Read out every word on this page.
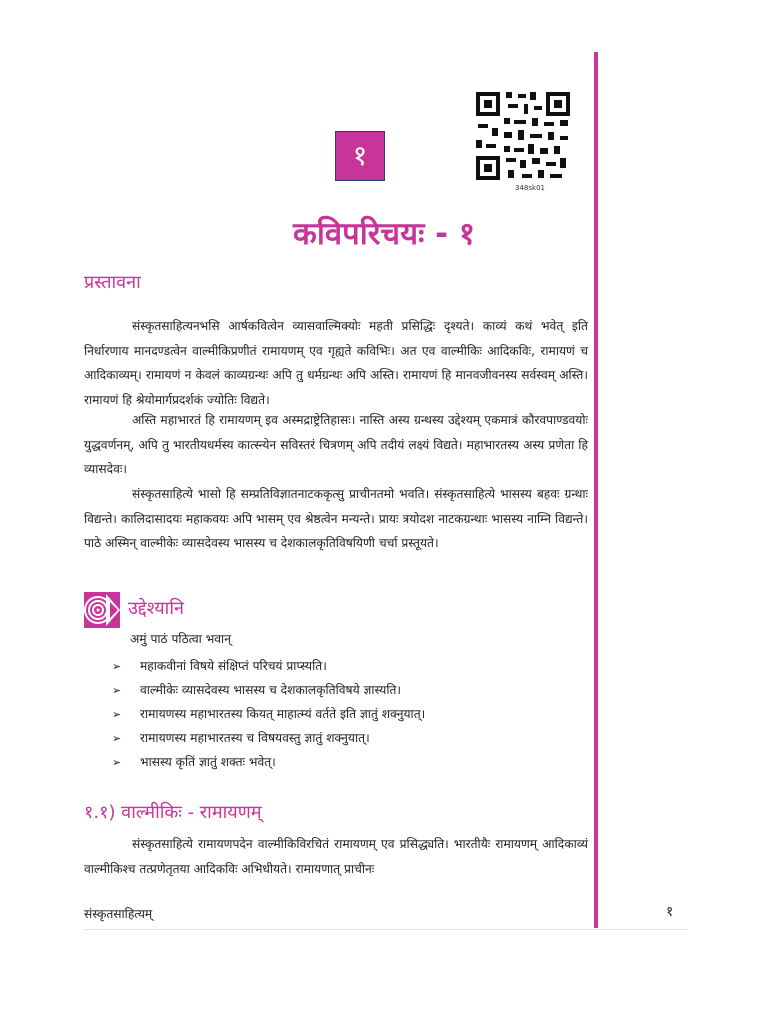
१
348sk01
कविपरिचयः - १
प्रस्तावना

संस्कृतसाहित्यनभसि आर्षकवित्वेन व्यासवाल्मिक्योः महती प्रसिद्धिः दृश्यते। काव्यं कथं भवेत् इति निर्धारणाय मानदण्डत्वेन वाल्मीकिप्रणीतं रामायणम् एव गृह्यते कविभिः। अत एव वाल्मीकिः आदिकविः, रामायणं च आदिकाव्यम्। रामायणं न केवलं काव्यग्रन्थः अपि तु धर्मग्रन्थः अपि अस्ति। रामायणं हि मानवजीवनस्य सर्वस्वम् अस्ति। रामायणं हि श्रेयोमार्गप्रदर्शकं ज्योतिः विद्यते।

अस्ति महाभारतं हि रामायणम् इव अस्मद्राष्ट्रेतिहासः। नास्ति अस्य ग्रन्थस्य उद्देश्यम् एकमात्रं कौरवपाण्डवयोः युद्धवर्णनम्, अपि तु भारतीयधर्मस्य कात्स्न्येन सविस्तरं चित्रणम् अपि तदीयं लक्ष्यं विद्यते। महाभारतस्य अस्य प्रणेता हि व्यासदेवः।

संस्कृतसाहित्ये भासो हि सम्प्रतिविज्ञातनाटककृत्सु प्राचीनतमो भवति। संस्कृतसाहित्ये भासस्य बहवः ग्रन्थाः विद्यन्ते। कालिदासादयः महाकवयः अपि भासम् एव श्रेष्ठत्वेन मन्यन्ते। प्रायः त्रयोदश नाटकग्रन्थाः भासस्य नाम्नि विद्यन्ते। पाठे अस्मिन् वाल्मीकेः व्यासदेवस्य भासस्य च देशकालकृतिविषयिणी चर्चा प्रस्तूयते।

उद्देश्यानि

अमुं पाठं पठित्वा भवान्

➢ महाकवीनां विषये संक्षिप्तं परिचयं प्राप्स्यति।
➢ वाल्मीकेः व्यासदेवस्य भासस्य च देशकालकृतिविषये ज्ञास्यति।
➢ रामायणस्य महाभारतस्य कियत् माहात्म्यं वर्तते इति ज्ञातुं शक्नुयात्।
➢ रामायणस्य महाभारतस्य च विषयवस्तु ज्ञातुं शक्नुयात्।
➢ भासस्य कृतिं ज्ञातुं शक्तः भवेत्।
१.१) वाल्मीकिः - रामायणम्

संस्कृतसाहित्ये रामायणपदेन वाल्मीकिविरचितं रामायणम् एव प्रसिद्ध्यति। भारतीयैः रामायणम् आदिकाव्यं वाल्मीकिश्च तत्प्रणेतृतया आदिकविः अभिधीयते। रामायणात् प्राचीनः

संस्कृतसाहित्यम्	१
